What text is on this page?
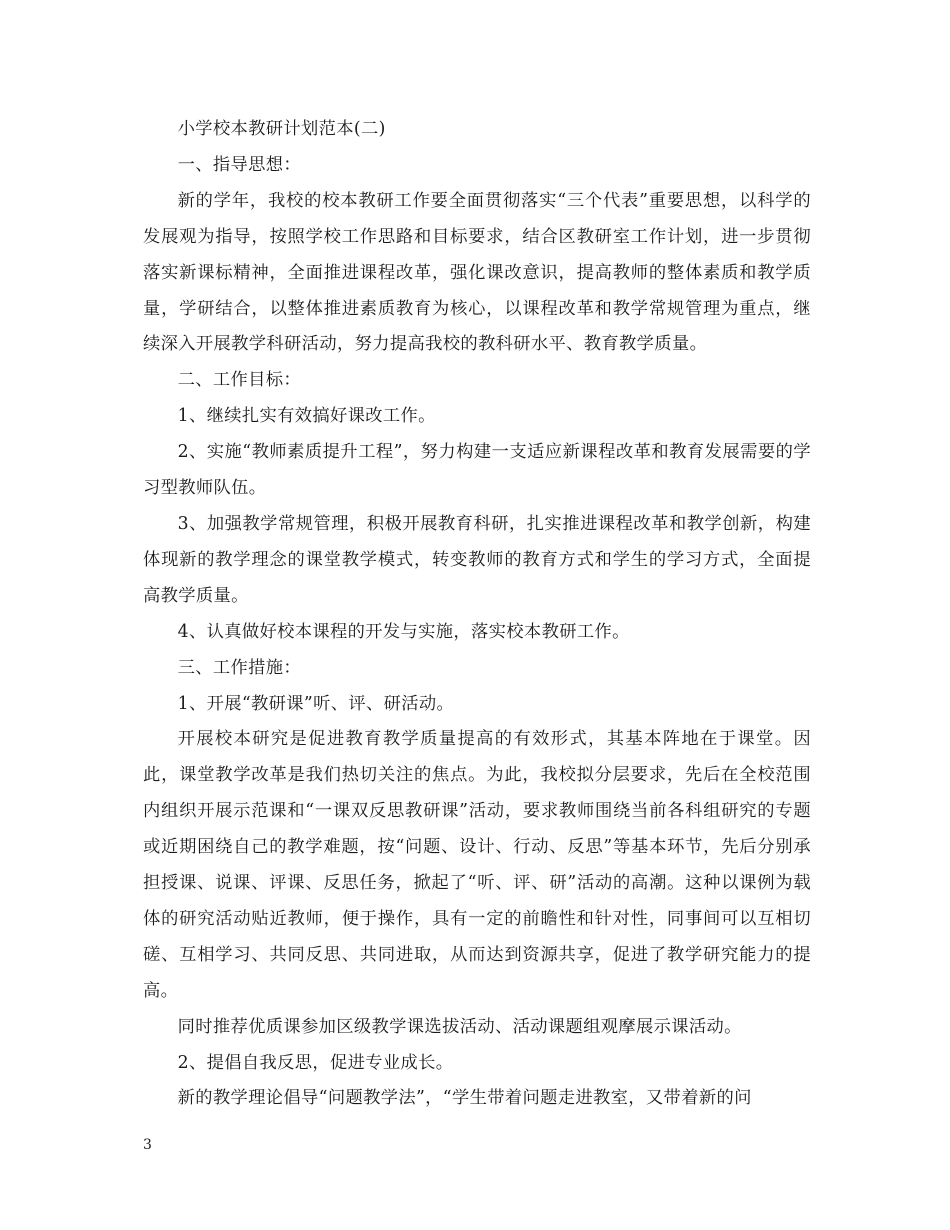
小学校本教研计划范本(二)

一、指导思想：

新的学年，我校的校本教研工作要全面贯彻落实“三个代表”重要思想，以科学的发展观为指导，按照学校工作思路和目标要求，结合区教研室工作计划，进一步贯彻落实新课标精神，全面推进课程改革，强化课改意识，提高教师的整体素质和教学质量，学研结合，以整体推进素质教育为核心，以课程改革和教学常规管理为重点，继续深入开展教学科研活动，努力提高我校的教科研水平、教育教学质量。

二、工作目标：

1、继续扎实有效搞好课改工作。

2、实施“教师素质提升工程”，努力构建一支适应新课程改革和教育发展需要的学习型教师队伍。

3、加强教学常规管理，积极开展教育科研，扎实推进课程改革和教学创新，构建体现新的教学理念的课堂教学模式，转变教师的教育方式和学生的学习方式，全面提高教学质量。

4、认真做好校本课程的开发与实施，落实校本教研工作。

三、工作措施：

1、开展“教研课”听、评、研活动。

开展校本研究是促进教育教学质量提高的有效形式，其基本阵地在于课堂。因此，课堂教学改革是我们热切关注的焦点。为此，我校拟分层要求，先后在全校范围内组织开展示范课和“一课双反思教研课”活动，要求教师围绕当前各科组研究的专题或近期困绕自己的教学难题，按“问题、设计、行动、反思”等基本环节，先后分别承担授课、说课、评课、反思任务，掀起了“听、评、研”活动的高潮。这种以课例为载体的研究活动贴近教师，便于操作，具有一定的前瞻性和针对性，同事间可以互相切磋、互相学习、共同反思、共同进取，从而达到资源共享，促进了教学研究能力的提高。

同时推荐优质课参加区级教学课选拔活动、活动课题组观摩展示课活动。

2、提倡自我反思，促进专业成长。

新的教学理论倡导“问题教学法”，“学生带着问题走进教室，又带着新的问

3
